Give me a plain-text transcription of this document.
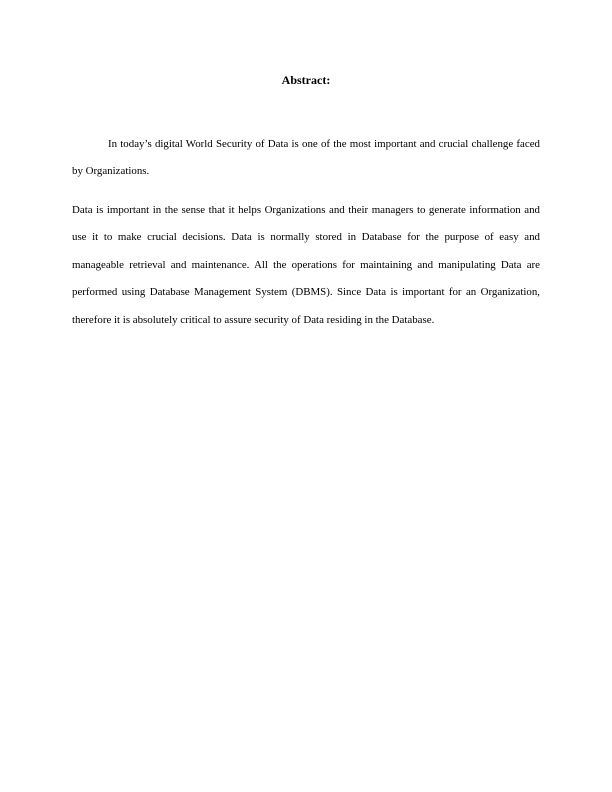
Abstract:

In today’s digital World Security of Data is one of the most important and crucial challenge faced by Organizations.

Data is important in the sense that it helps Organizations and their managers to generate information and use it to make crucial decisions. Data is normally stored in Database for the purpose of easy and manageable retrieval and maintenance. All the operations for maintaining and manipulating Data are performed using Database Management System (DBMS). Since Data is important for an Organization, therefore it is absolutely critical to assure security of Data residing in the Database.
